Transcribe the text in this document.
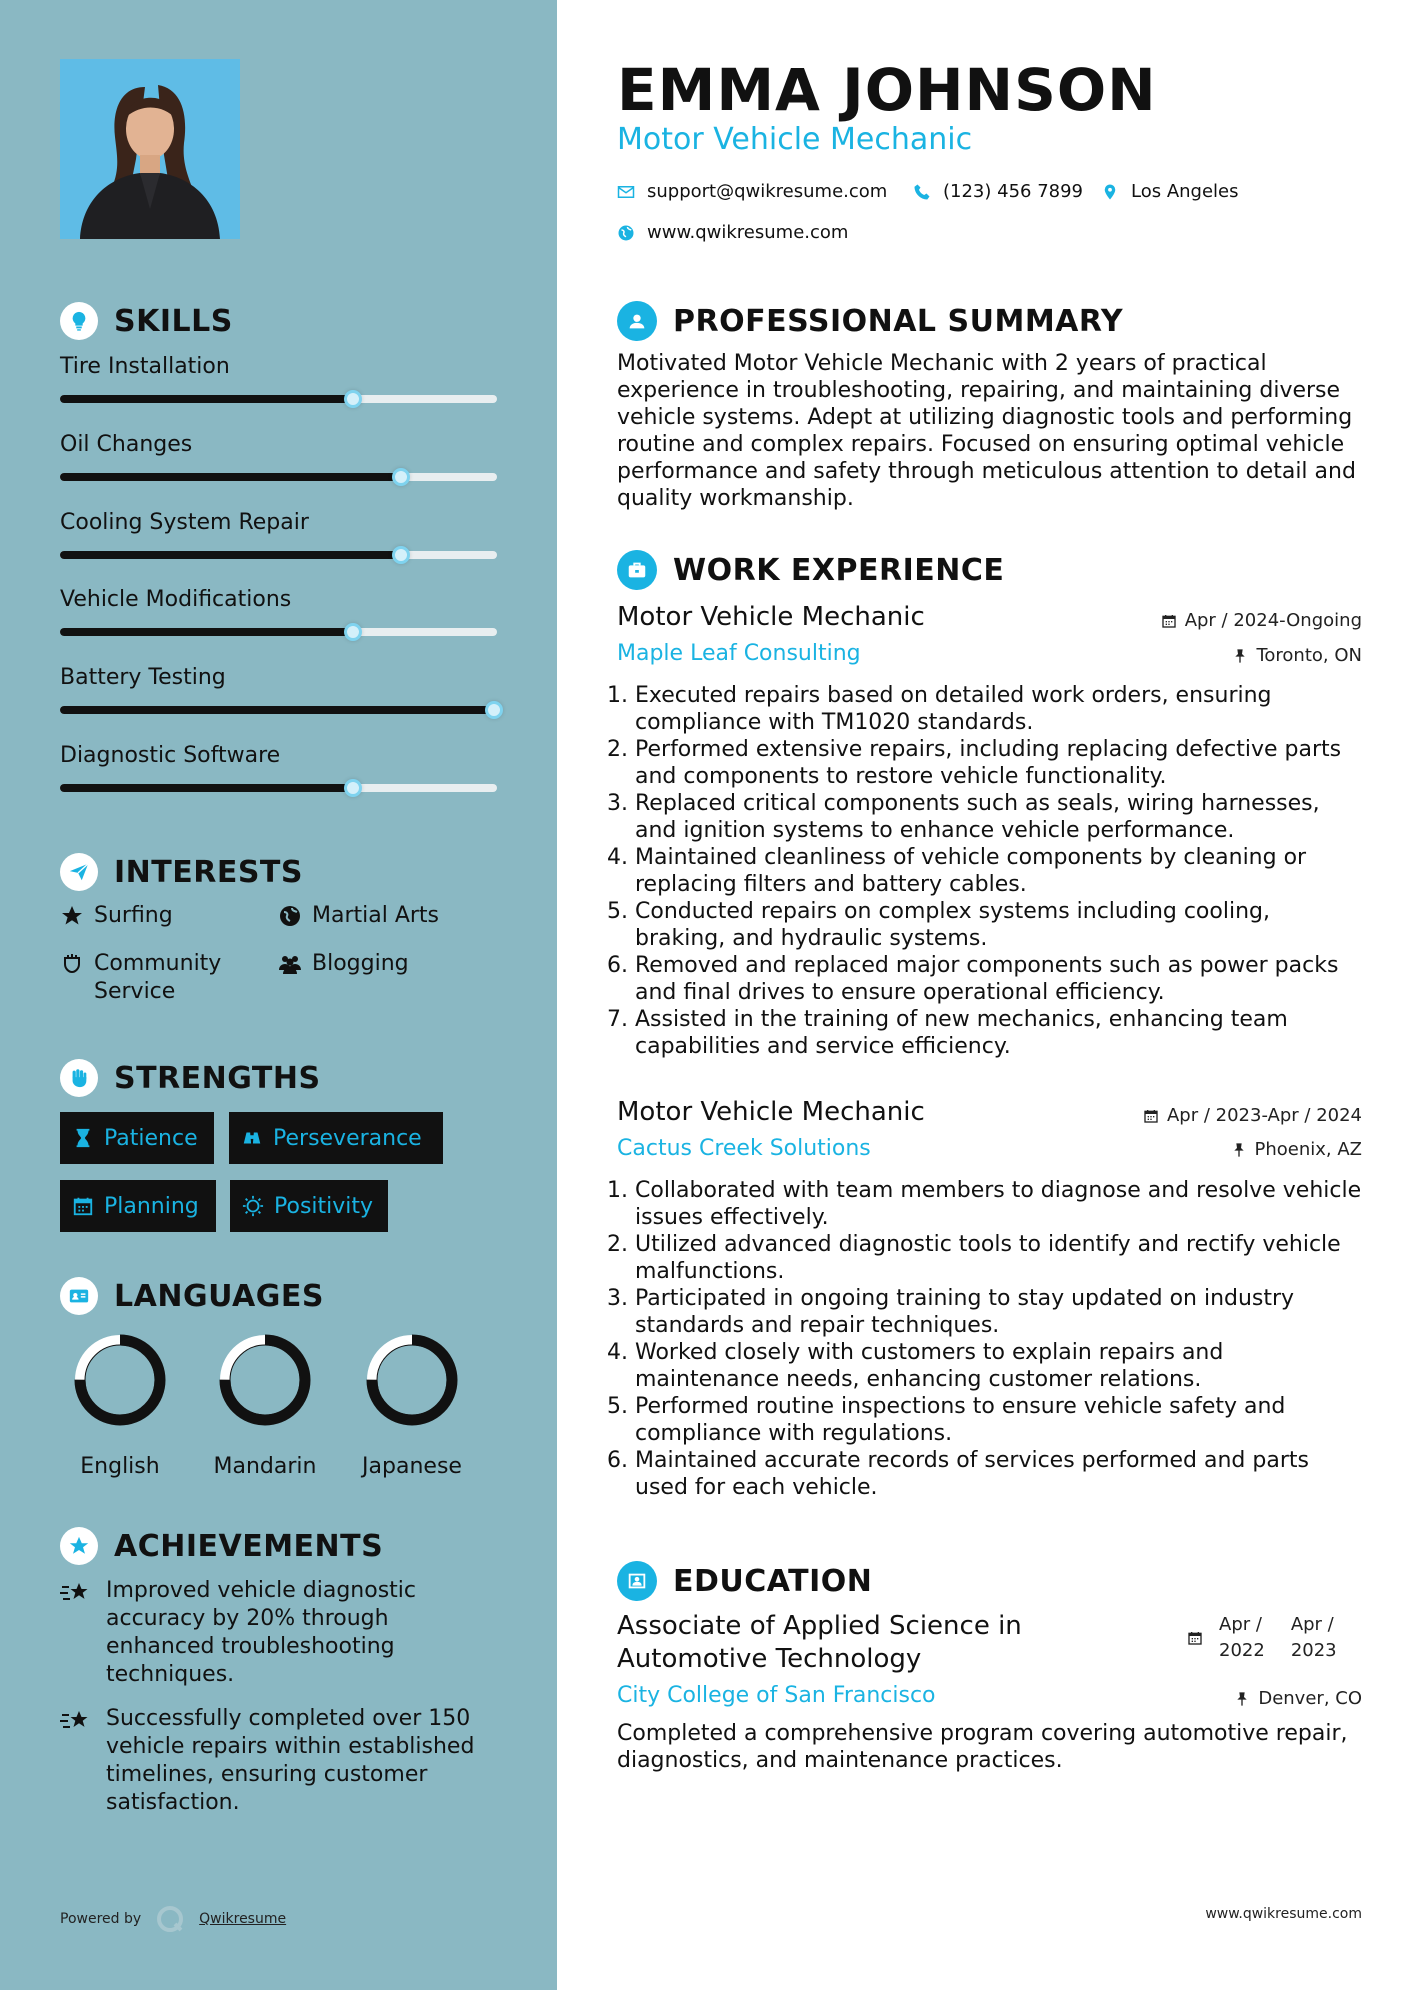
SKILLS
Tire Installation
Oil Changes
Cooling System Repair
Vehicle Modifications
Battery Testing
Diagnostic Software
INTERESTS
Surfing	Martial Arts
Community Service
Blogging
STRENGTHS
Patience	Perseverance
Planning	Positivity
LANGUAGES
English	Mandarin	Japanese
ACHIEVEMENTS
Improved vehicle diagnostic accuracy by 20% through enhanced troubleshooting techniques.
Successfully completed over 150 vehicle repairs within established timelines, ensuring customer satisfaction.
Powered by	Qwikresume
EMMA JOHNSON
Motor Vehicle Mechanic
support@qwikresume.com	(123) 456 7899	Los Angeles
www.qwikresume.com
PROFESSIONAL SUMMARY
Motivated Motor Vehicle Mechanic with 2 years of practical experience in troubleshooting, repairing, and maintaining diverse vehicle systems. Adept at utilizing diagnostic tools and performing routine and complex repairs. Focused on ensuring optimal vehicle performance and safety through meticulous attention to detail and quality workmanship.
WORK EXPERIENCE
Motor Vehicle Mechanic
Maple Leaf Consulting
Apr / 2024-Ongoing
Toronto, ON
1. Executed repairs based on detailed work orders, ensuring compliance with TM1020 standards.
2. Performed extensive repairs, including replacing defective parts and components to restore vehicle functionality.
3. Replaced critical components such as seals, wiring harnesses, and ignition systems to enhance vehicle performance.
4. Maintained cleanliness of vehicle components by cleaning or replacing filters and battery cables.
5. Conducted repairs on complex systems including cooling, braking, and hydraulic systems.
6. Removed and replaced major components such as power packs and final drives to ensure operational efficiency.
7. Assisted in the training of new mechanics, enhancing team capabilities and service efficiency.
Motor Vehicle Mechanic
Cactus Creek Solutions
Apr / 2023-Apr / 2024
Phoenix, AZ
1. Collaborated with team members to diagnose and resolve vehicle issues effectively.
2. Utilized advanced diagnostic tools to identify and rectify vehicle malfunctions.
3. Participated in ongoing training to stay updated on industry standards and repair techniques.
4. Worked closely with customers to explain repairs and maintenance needs, enhancing customer relations.
5. Performed routine inspections to ensure vehicle safety and compliance with regulations.
6. Maintained accurate records of services performed and parts used for each vehicle.
EDUCATION
Associate of Applied Science in Automotive Technology
Apr /
2022
Apr /
2023
City College of San Francisco	Denver, CO
Completed a comprehensive program covering automotive repair, diagnostics, and maintenance practices.
www.qwikresume.com
